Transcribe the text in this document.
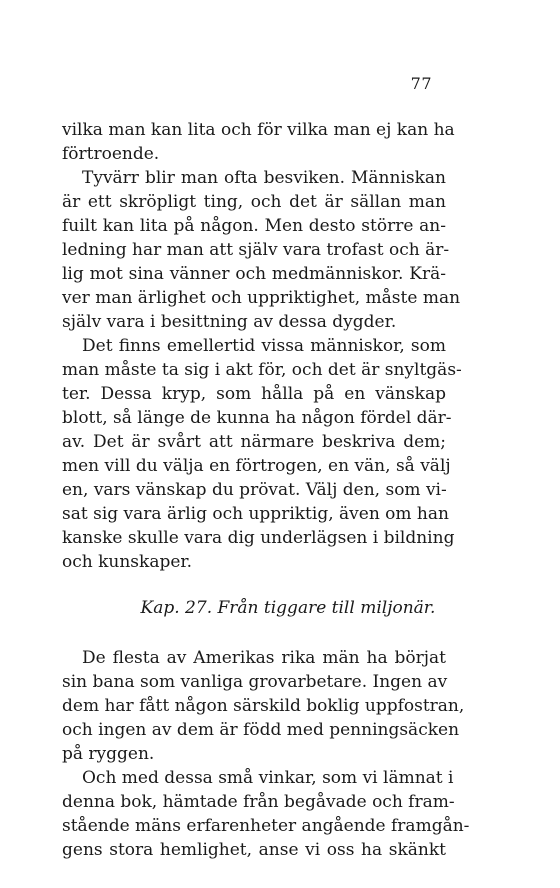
77
vilka man kan lita och för vilka man ej kan ha
förtroende.
Tyvärr blir man ofta besviken. Människan
är ett skröpligt ting, och det är sällan man
fuilt kan lita på någon. Men desto större an-
ledning har man att själv vara trofast och är-
lig mot sina vänner och medmänniskor. Krä-
ver man ärlighet och uppriktighet, måste man
själv vara i besittning av dessa dygder.
Det finns emellertid vissa människor, som
man måste ta sig i akt för, och det är snyltgäs-
ter. Dessa kryp, som hålla på en vänskap
blott, så länge de kunna ha någon fördel där-
av. Det är svårt att närmare beskriva dem;
men vill du välja en förtrogen, en vän, så välj
en, vars vänskap du prövat. Välj den, som vi-
sat sig vara ärlig och uppriktig, även om han
kanske skulle vara dig underlägsen i bildning
och kunskaper.
Kap. 27. Från tiggare till miljonär.
De flesta av Amerikas rika män ha börjat
sin bana som vanliga grovarbetare. Ingen av
dem har fått någon särskild boklig uppfostran,
och ingen av dem är född med penningsäcken
på ryggen.
Och med dessa små vinkar, som vi lämnat i
denna bok, hämtade från begåvade och fram-
stående mäns erfarenheter angående framgån-
gens stora hemlighet, anse vi oss ha skänkt
